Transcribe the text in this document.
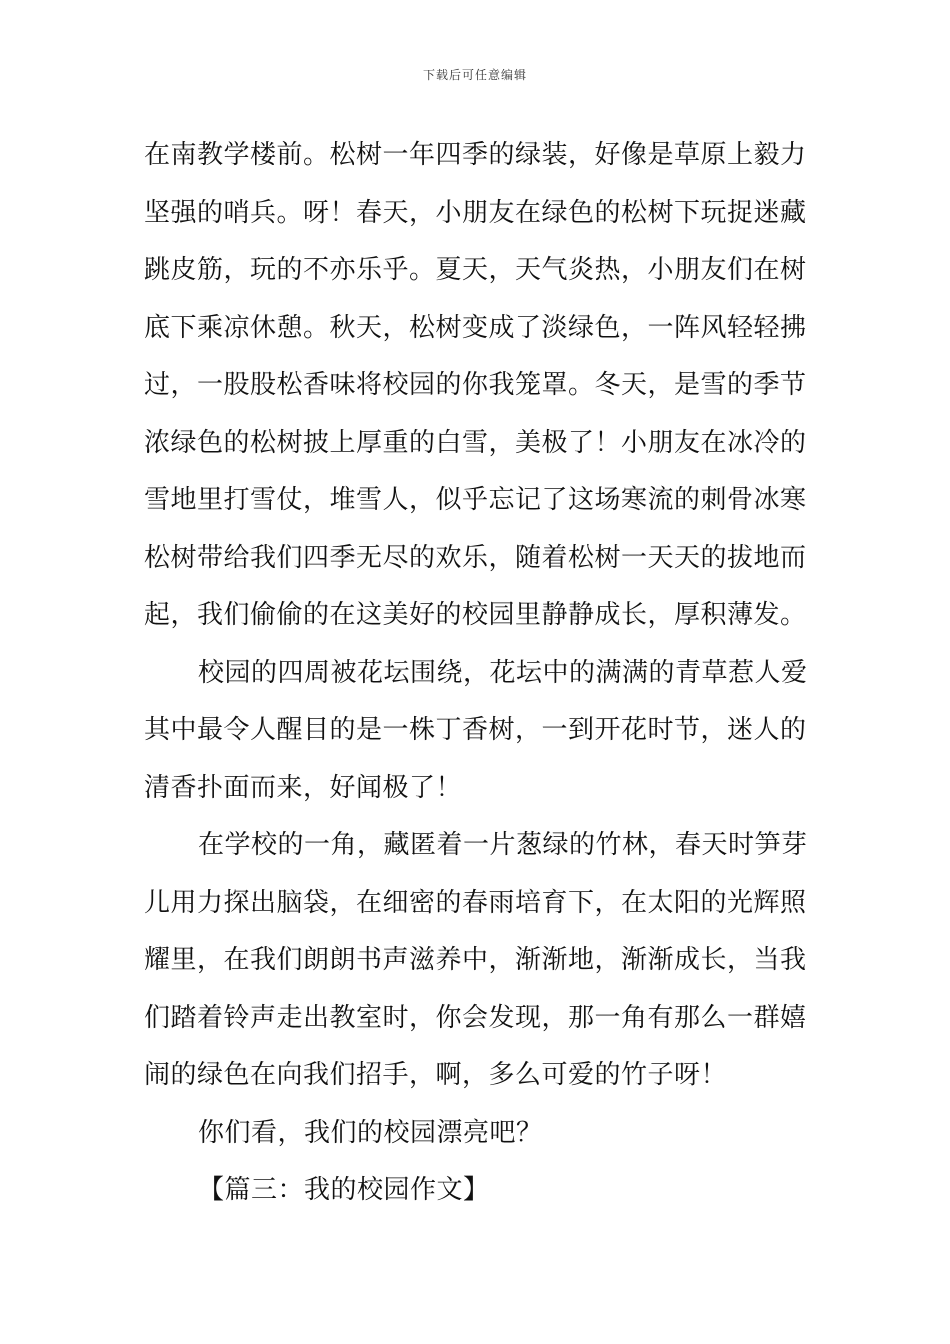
下载后可任意编辑
在南教学楼前。松树一年四季的绿装，好像是草原上毅力
坚强的哨兵。呀！春天，小朋友在绿色的松树下玩捉迷藏
跳皮筋，玩的不亦乐乎。夏天，天气炎热，小朋友们在树
底下乘凉休憩。秋天，松树变成了淡绿色，一阵风轻轻拂
过，一股股松香味将校园的你我笼罩。冬天，是雪的季节
浓绿色的松树披上厚重的白雪，美极了！小朋友在冰冷的
雪地里打雪仗，堆雪人，似乎忘记了这场寒流的刺骨冰寒
松树带给我们四季无尽的欢乐，随着松树一天天的拔地而
起，我们偷偷的在这美好的校园里静静成长，厚积薄发。
校园的四周被花坛围绕，花坛中的满满的青草惹人爱
其中最令人醒目的是一株丁香树，一到开花时节，迷人的
清香扑面而来，好闻极了！
在学校的一角，藏匿着一片葱绿的竹林，春天时笋芽
儿用力探出脑袋，在细密的春雨培育下，在太阳的光辉照
耀里，在我们朗朗书声滋养中，渐渐地，渐渐成长，当我
们踏着铃声走出教室时，你会发现，那一角有那么一群嬉
闹的绿色在向我们招手，啊，多么可爱的竹子呀！
你们看，我们的校园漂亮吧？
【篇三：我的校园作文】
